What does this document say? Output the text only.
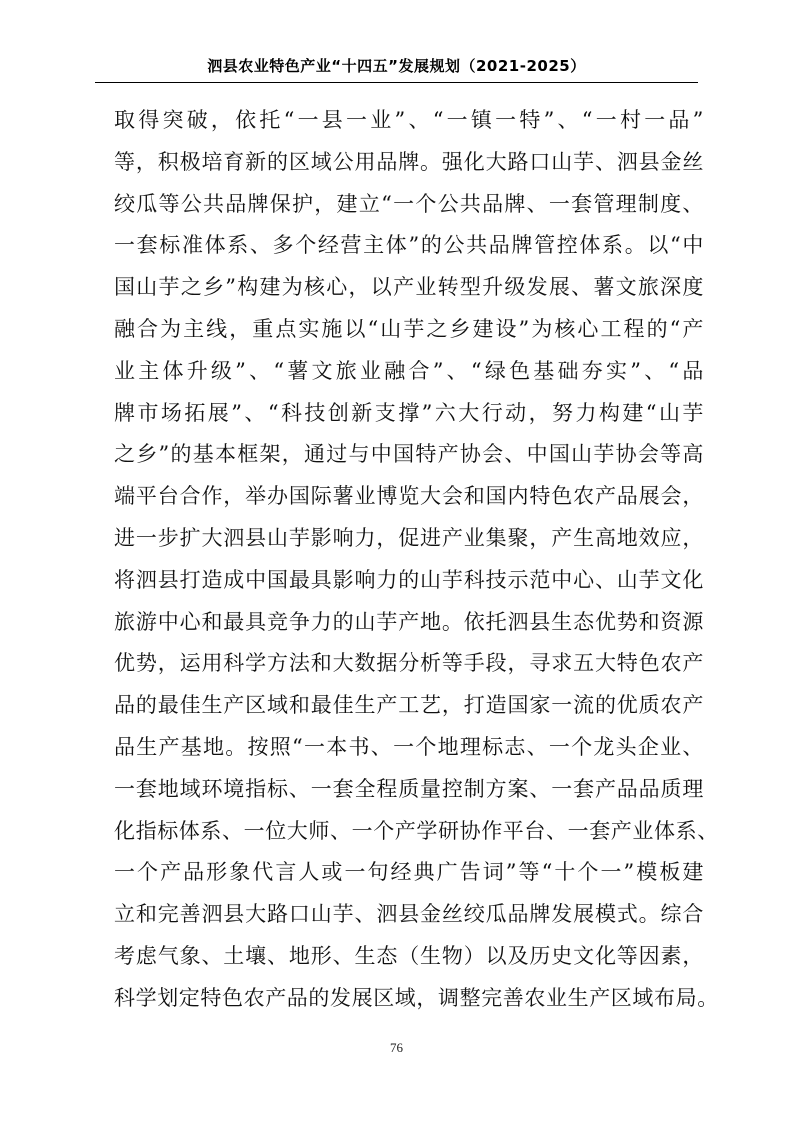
泗县农业特色产业“十四五”发展规划（2021-2025）
取得突破，依托“一县一业”、“一镇一特”、“一村一品”
等，积极培育新的区域公用品牌。强化大路口山芋、泗县金丝
绞瓜等公共品牌保护，建立“一个公共品牌、一套管理制度、
一套标准体系、多个经营主体”的公共品牌管控体系。以“中
国山芋之乡”构建为核心，以产业转型升级发展、薯文旅深度
融合为主线，重点实施以“山芋之乡建设”为核心工程的“产
业主体升级”、“薯文旅业融合”、“绿色基础夯实”、“品
牌市场拓展”、“科技创新支撑”六大行动，努力构建“山芋
之乡”的基本框架，通过与中国特产协会、中国山芋协会等高
端平台合作，举办国际薯业博览大会和国内特色农产品展会，
进一步扩大泗县山芋影响力，促进产业集聚，产生高地效应，
将泗县打造成中国最具影响力的山芋科技示范中心、山芋文化
旅游中心和最具竞争力的山芋产地。依托泗县生态优势和资源
优势，运用科学方法和大数据分析等手段，寻求五大特色农产
品的最佳生产区域和最佳生产工艺，打造国家一流的优质农产
品生产基地。按照“一本书、一个地理标志、一个龙头企业、
一套地域环境指标、一套全程质量控制方案、一套产品品质理
化指标体系、一位大师、一个产学研协作平台、一套产业体系、
一个产品形象代言人或一句经典广告词”等“十个一”模板建
立和完善泗县大路口山芋、泗县金丝绞瓜品牌发展模式。综合
考虑气象、土壤、地形、生态（生物）以及历史文化等因素，
科学划定特色农产品的发展区域，调整完善农业生产区域布局。
76
